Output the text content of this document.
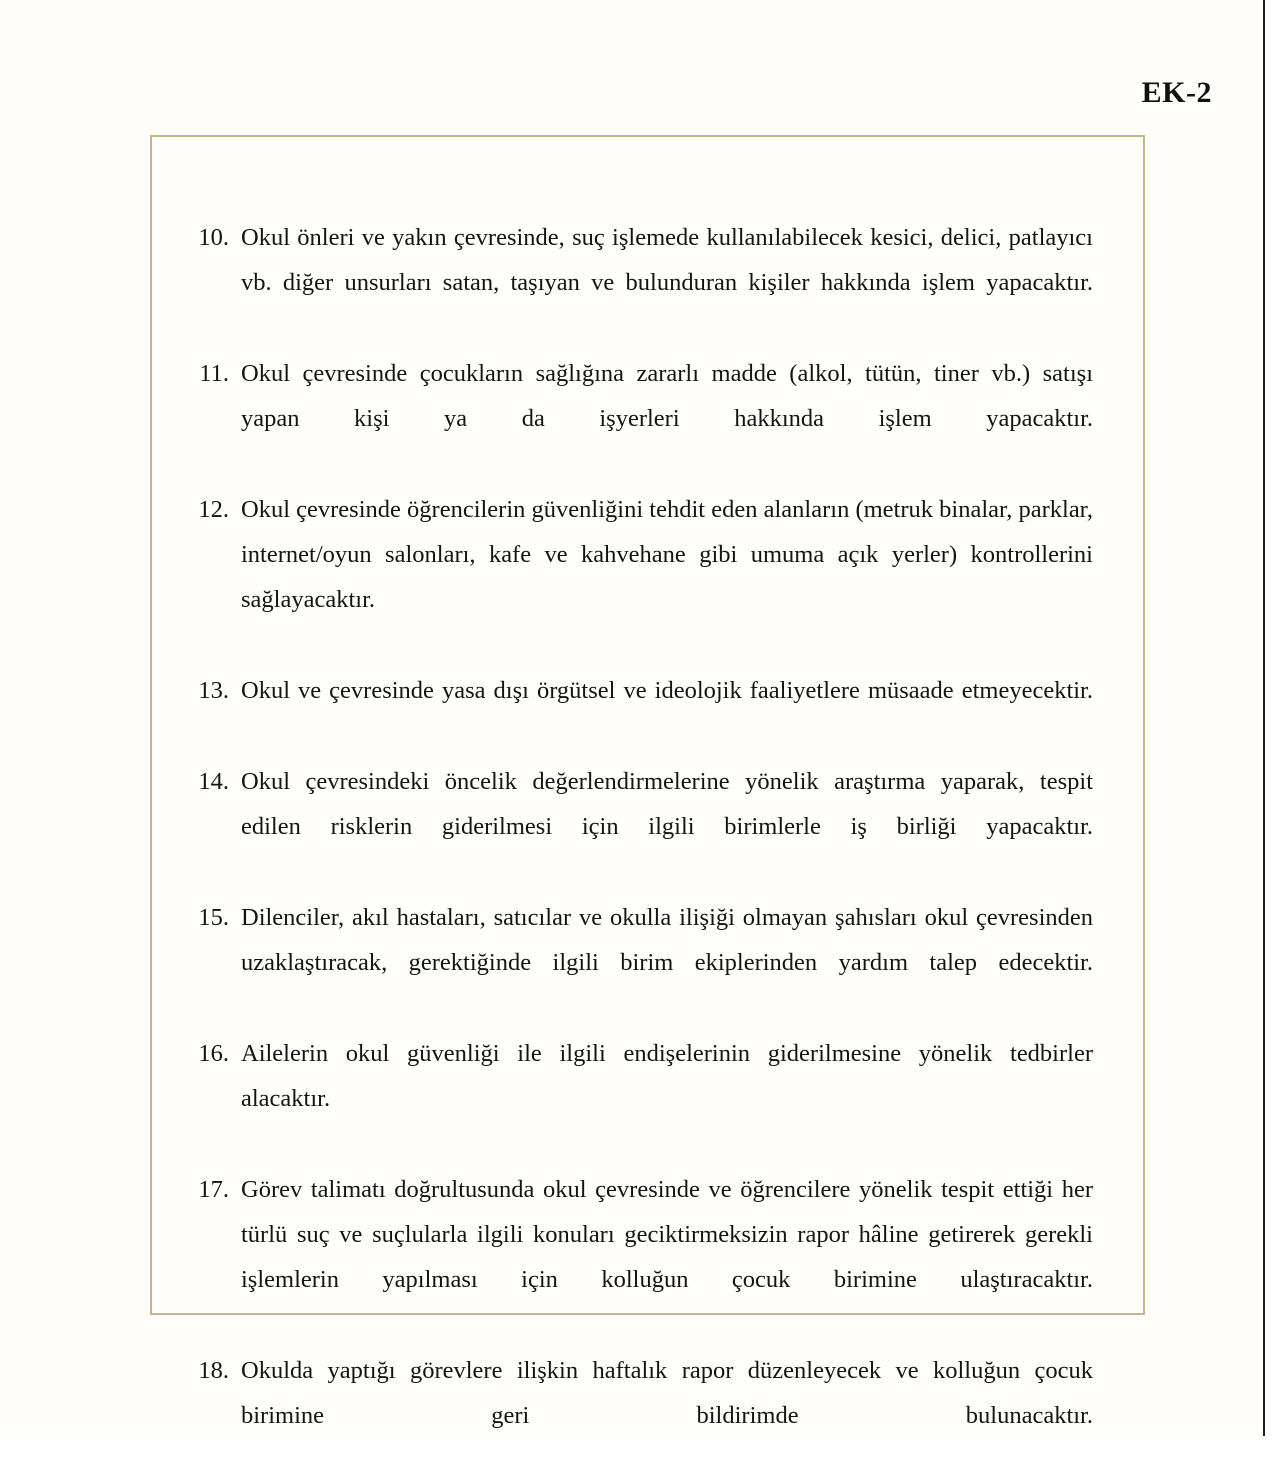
EK-2
10. Okul önleri ve yakın çevresinde, suç işlemede kullanılabilecek kesici, delici, patlayıcı vb. diğer unsurları satan, taşıyan ve bulunduran kişiler hakkında işlem yapacaktır.
11. Okul çevresinde çocukların sağlığına zararlı madde (alkol, tütün, tiner vb.) satışı yapan kişi ya da işyerleri hakkında işlem yapacaktır.
12. Okul çevresinde öğrencilerin güvenliğini tehdit eden alanların (metruk binalar, parklar, internet/oyun salonları, kafe ve kahvehane gibi umuma açık yerler) kontrollerini sağlayacaktır.
13. Okul ve çevresinde yasa dışı örgütsel ve ideolojik faaliyetlere müsaade etmeyecektir.
14. Okul çevresindeki öncelik değerlendirmelerine yönelik araştırma yaparak, tespit edilen risklerin giderilmesi için ilgili birimlerle iş birliği yapacaktır.
15. Dilenciler, akıl hastaları, satıcılar ve okulla ilişiği olmayan şahısları okul çevresinden uzaklaştıracak, gerektiğinde ilgili birim ekiplerinden yardım talep edecektir.
16. Ailelerin okul güvenliği ile ilgili endişelerinin giderilmesine yönelik tedbirler alacaktır.
17. Görev talimatı doğrultusunda okul çevresinde ve öğrencilere yönelik tespit ettiği her türlü suç ve suçlularla ilgili konuları geciktirmeksizin rapor hâline getirerek gerekli işlemlerin yapılması için kolluğun çocuk birimine ulaştıracaktır.
18. Okulda yaptığı görevlere ilişkin haftalık rapor düzenleyecek ve kolluğun çocuk birimine geri bildirimde bulunacaktır.
